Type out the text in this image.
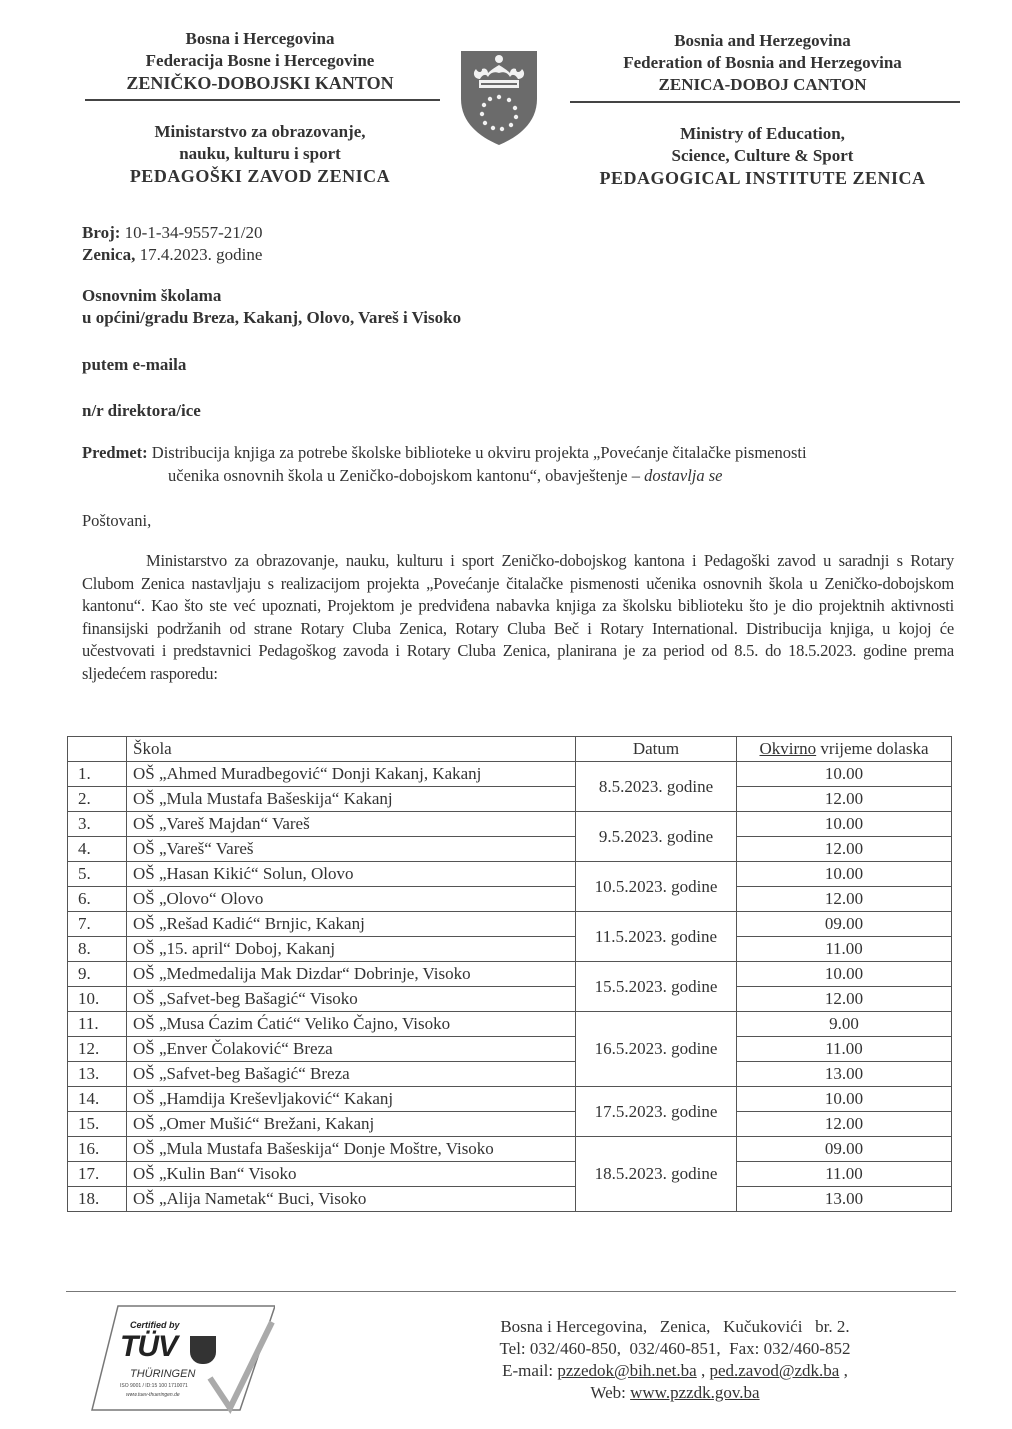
Bosna i Hercegovina
Federacija Bosne i Hercegovine
ZENIČKO-DOBOJSKI KANTON
Ministarstvo za obrazovanje,
nauku, kulturu i sport
PEDAGOŠKI ZAVOD ZENICA
Bosnia and Herzegovina
Federation of Bosnia and Herzegovina
ZENICA-DOBOJ CANTON
Ministry of Education,
Science, Culture & Sport
PEDAGOGICAL INSTITUTE ZENICA
Broj: 10-1-34-9557-21/20
Zenica, 17.4.2023. godine
Osnovnim školama
u općini/gradu Breza, Kakanj, Olovo, Vareš i Visoko
putem e-maila
n/r direktora/ice
Predmet: Distribucija knjiga za potrebe školske biblioteke u okviru projekta „Povećanje čitalačke pismenosti
učenika osnovnih škola u Zeničko-dobojskom kantonu“, obavještenje – dostavlja se
Poštovani,
Ministarstvo za obrazovanje, nauku, kulturu i sport Zeničko-dobojskog kantona i Pedagoški zavod u saradnji s Rotary Clubom Zenica nastavljaju s realizacijom projekta „Povećanje čitalačke pismenosti učenika osnovnih škola u Zeničko-dobojskom kantonu“. Kao što ste već upoznati, Projektom je predviđena nabavka knjiga za školsku biblioteku što je dio projektnih aktivnosti finansijski podržanih od strane Rotary Cluba Zenica, Rotary Cluba Beč i Rotary International. Distribucija knjiga, u kojoj će učestvovati i predstavnici Pedagoškog zavoda i Rotary Cluba Zenica, planirana je za period od 8.5. do 18.5.2023. godine prema sljedećem rasporedu:
	Škola	Datum	Okvirno vrijeme dolaska
1.	OŠ „Ahmed Muradbegović“ Donji Kakanj, Kakanj	8.5.2023. godine	10.00
2.	OŠ „Mula Mustafa Bašeskija“ Kakanj		12.00
3.	OŠ „Vareš Majdan“ Vareš	9.5.2023. godine	10.00
4.	OŠ „Vareš“ Vareš		12.00
5.	OŠ „Hasan Kikić“ Solun, Olovo	10.5.2023. godine	10.00
6.	OŠ „Olovo“ Olovo		12.00
7.	OŠ „Rešad Kadić“ Brnjic, Kakanj	11.5.2023. godine	09.00
8.	OŠ „15. april“ Doboj, Kakanj		11.00
9.	OŠ „Medmedalija Mak Dizdar“ Dobrinje, Visoko	15.5.2023. godine	10.00
10.	OŠ „Safvet-beg Bašagić“ Visoko		12.00
11.	OŠ „Musa Ćazim Ćatić“ Veliko Čajno, Visoko	16.5.2023. godine	9.00
12.	OŠ „Enver Čolaković“ Breza		11.00
13.	OŠ „Safvet-beg Bašagić“ Breza		13.00
14.	OŠ „Hamdija Kreševljaković“ Kakanj	17.5.2023. godine	10.00
15.	OŠ „Omer Mušić“ Brežani, Kakanj		12.00
16.	OŠ „Mula Mustafa Bašeskija“ Donje Moštre, Visoko	18.5.2023. godine	09.00
17.	OŠ „Kulin Ban“ Visoko		11.00
18.	OŠ „Alija Nametak“ Buci, Visoko		13.00
Certified by
TÜV
THÜRINGEN
ISO 9001 / ID:15 100 1710071
www.tuev-thueringen.de
Bosna i Hercegovina,   Zenica,   Kučukovići   br. 2.
Tel: 032/460-850,  032/460-851,  Fax: 032/460-852
E-mail: pzzedok@bih.net.ba , ped.zavod@zdk.ba ,
Web: www.pzzdk.gov.ba
